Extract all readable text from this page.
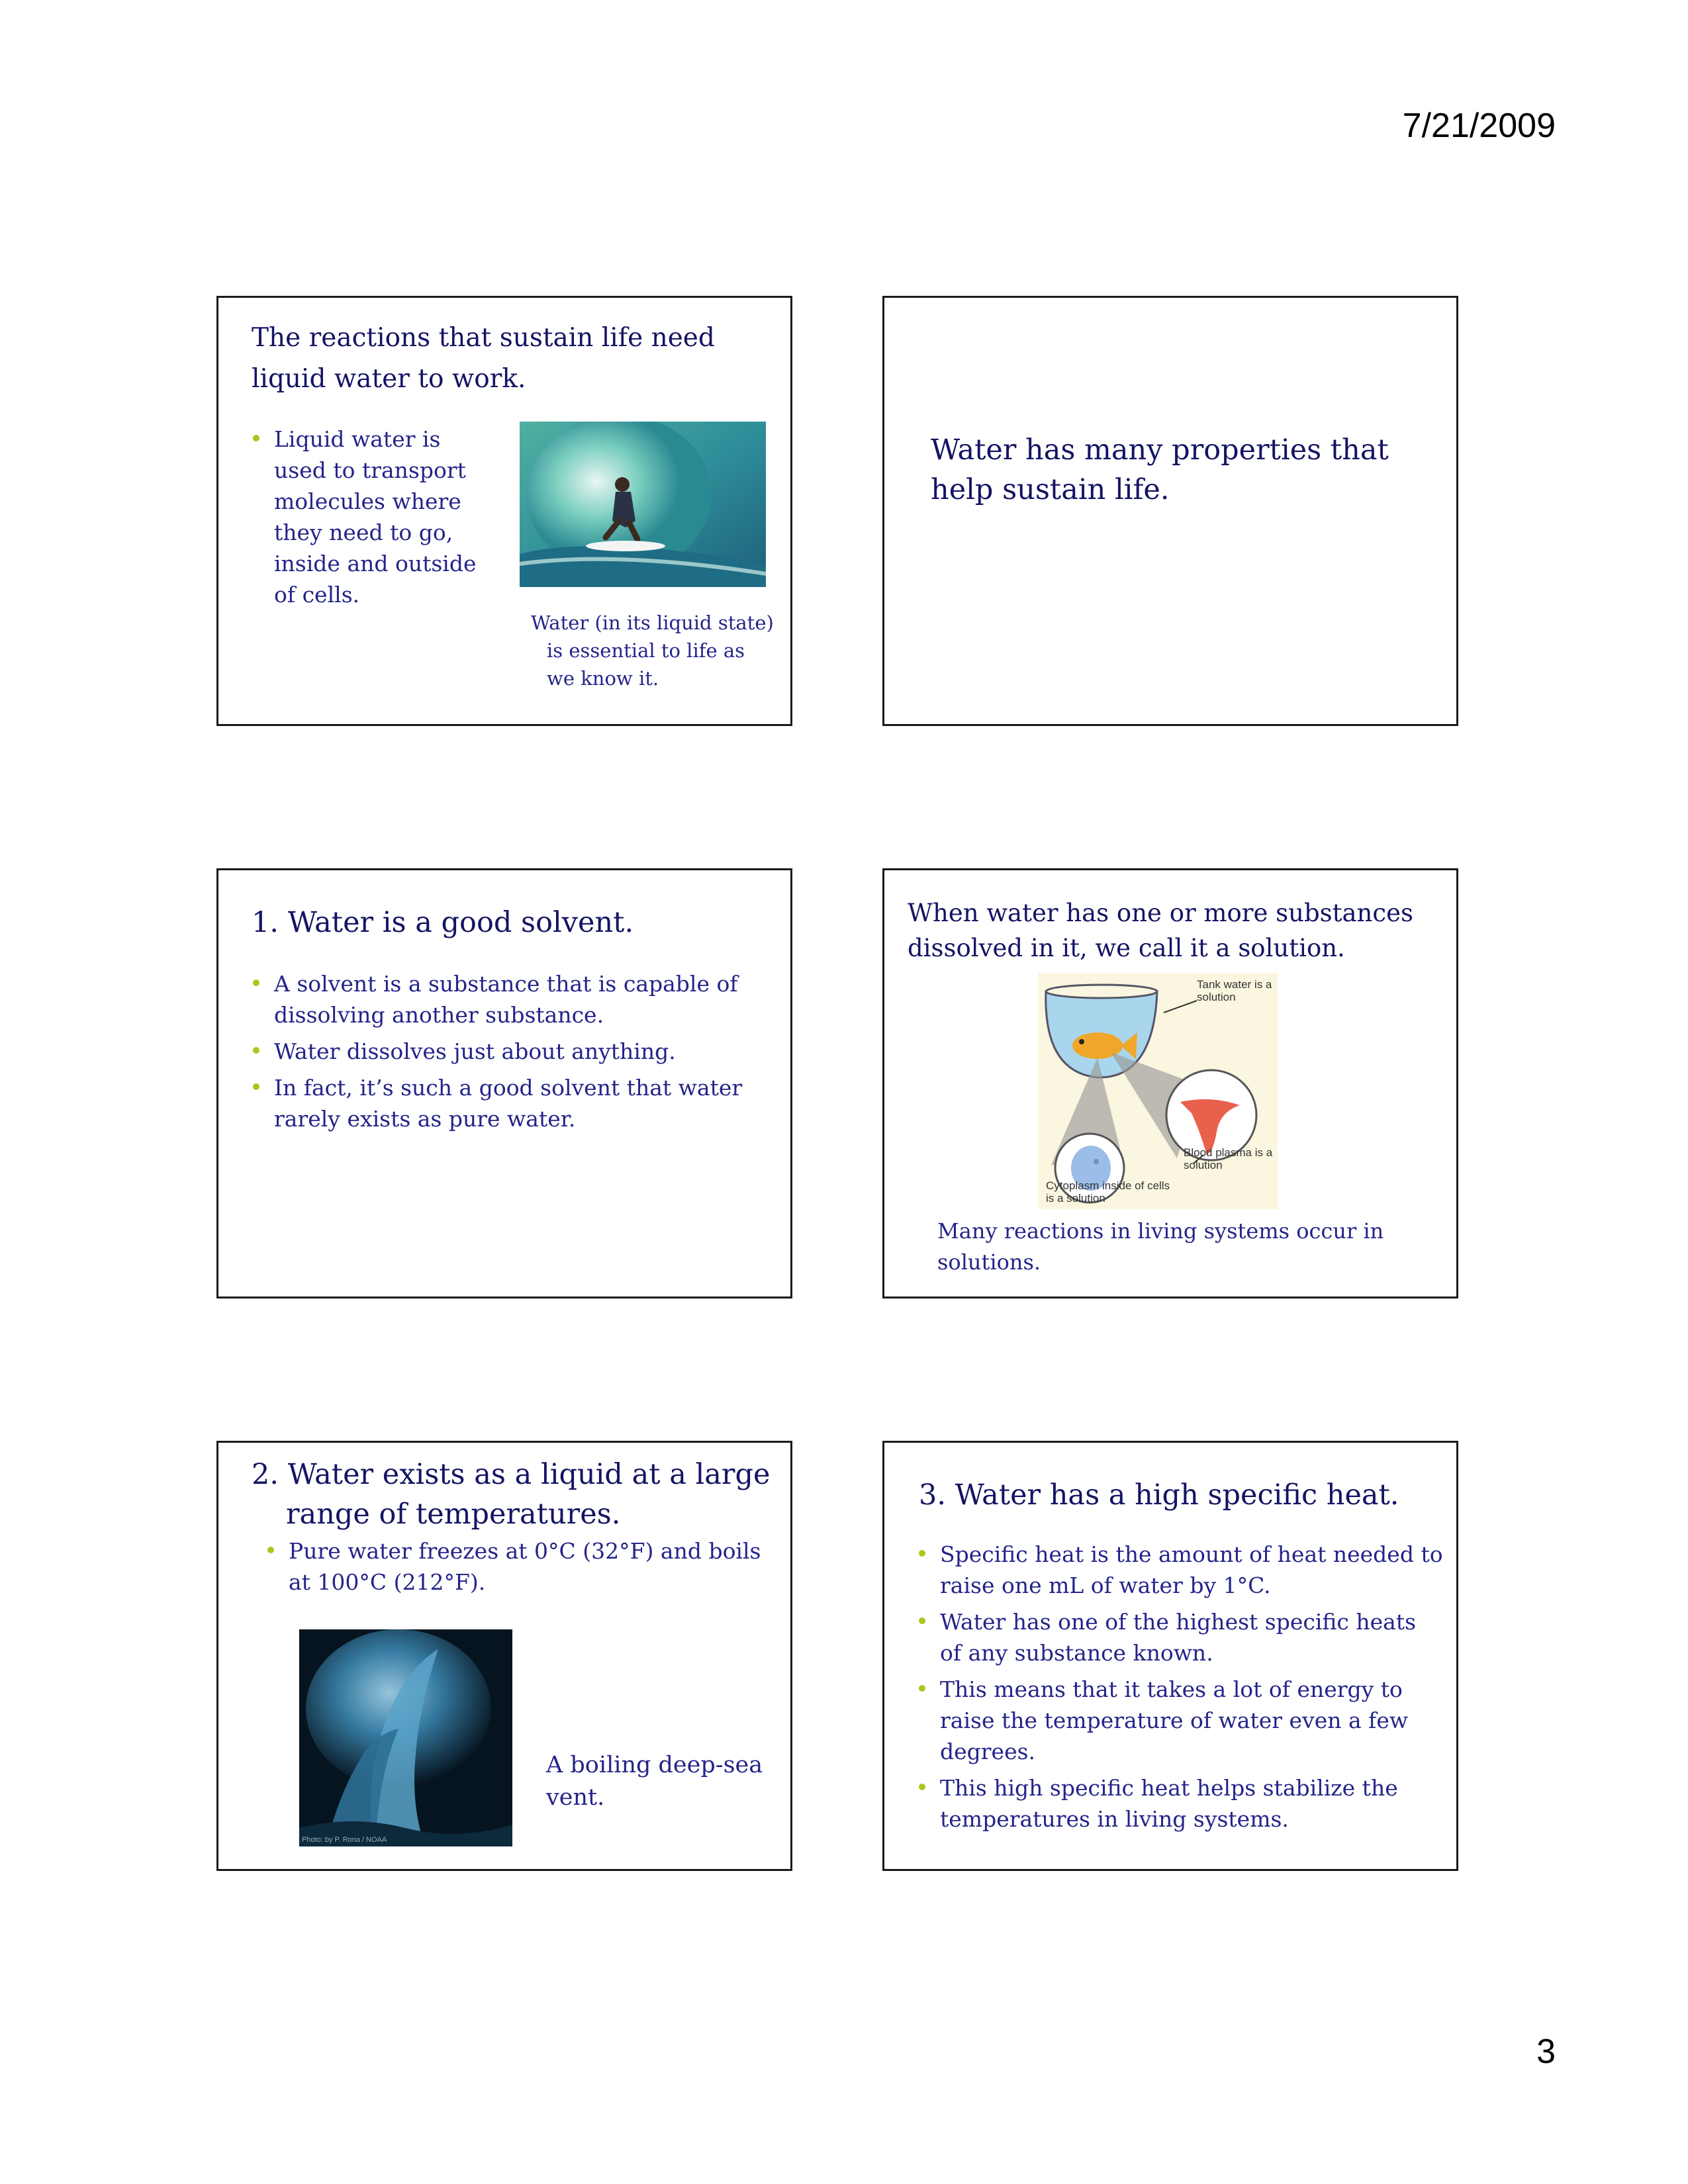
7/21/2009
The reactions that sustain life need liquid water to work.
Liquid water is used to transport molecules where they need to go, inside and outside of cells.
Water (in its liquid state) is essential to life as we know it.
Water has many properties that help sustain life.
1. Water is a good solvent.
A solvent is a substance that is capable of dissolving another substance.
Water dissolves just about anything.
In fact, it’s such a good solvent that water rarely exists as pure water.
When water has one or more substances dissolved in it, we call it a solution.
Tank water is a solution
Blood plasma is a solution
Cytoplasm inside of cells is a solution
Many reactions in living systems occur in solutions.
2. Water exists as a liquid at a large range of temperatures.
Pure water freezes at 0°C (32°F) and boils at 100°C (212°F).
Photo: by P. Rona / NOAA
A boiling deep-sea vent.
3. Water has a high specific heat.
Specific heat is the amount of heat needed to raise one mL of water by 1°C.
Water has one of the highest specific heats of any substance known.
This means that it takes a lot of energy to raise the temperature of water even a few degrees.
This high specific heat helps stabilize the temperatures in living systems.
3
